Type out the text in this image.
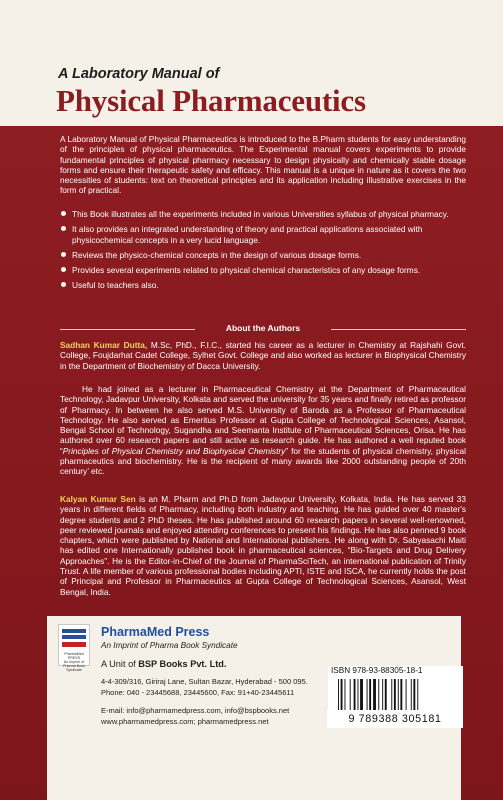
A Laboratory Manual of
Physical Pharmaceutics

A Laboratory Manual of Physical Pharmaceutics is introduced to the B.Pharm students for easy understanding of the principles of physical pharmaceutics. The Experimental manual covers experiments to provide fundamental principles of physical pharmacy necessary to design physically and chemically stable dosage forms and ensure their therapeutic safety and efficacy. This manual is a unique in nature as it covers the two necessities of students: text on theoretical principles and its application including illustrative exercises in the form of practical.

This Book illustrates all the experiments included in various Universities syllabus of physical pharmacy.
It also provides an integrated understanding of theory and practical applications associated with physicochemical concepts in a very lucid language.
Reviews the physico-chemical concepts in the design of various dosage forms.
Provides several experiments related to physical chemical characteristics of any dosage forms.
Useful to teachers also.
About the Authors

Sadhan Kumar Dutta, M.Sc, PhD., F.I.C., started his career as a lecturer in Chemistry at Rajshahi Govt. College, Foujdarhat Cadet College, Sylhet Govt. College and also worked as lecturer in Biophysical Chemistry in the Department of Biochemistry of Dacca University.

He had joined as a lecturer in Pharmaceutical Chemistry at the Department of Pharmaceutical Technology, Jadavpur University, Kolkata and served the university for 35 years and finally retired as professor of Pharmacy. In between he also served M.S. University of Baroda as a Professor of Pharmaceutical Technology. He also served as Emeritus Professor at Gupta College of Technological Sciences, Asansol, Bengal School of Technology, Sugandha and Seemanta Institute of Pharmaceutical Sciences, Orisa. He has authored over 60 research papers and still active as research guide. He has authored a well reputed book “Principles of Physical Chemistry and Biophysical Chemistry” for the students of physical chemistry, physical pharmaceutics and biochemistry. He is the recipient of many awards like 2000 outstanding people of 20th century’ etc.

Kalyan Kumar Sen is an M. Pharm and Ph.D from Jadavpur University, Kolkata, India. He has served 33 years in different fields of Pharmacy, including both industry and teaching. He has guided over 40 master's degree students and 2 PhD theses. He has published around 60 research papers in several well-renowned, peer reviewed journals and enjoyed attending conferences to present his findings. He has also penned 9 book chapters, which were published by National and International publishers. He along with Dr. Sabyasachi Maiti has edited one Internationally published book in pharmaceutical sciences, “Bio-Targets and Drug Delivery Approaches”. He is the Editor-in-Chief of the Journal of PharmaSciTech, an international publication of Trinity Trust. A life member of various professional bodies including APTI, ISTE and ISCA, he currently holds the post of Principal and Professor in Pharmaceutics at Gupta College of Technological Sciences, Asansol, West Bengal, India.

PharmaMed PRESS
An Imprint of Pharma Book Syndicate
PharmaMed Press
An Imprint of Pharma Book Syndicate
A Unit of BSP Books Pvt. Ltd.
4-4-309/316, Giriraj Lane, Sultan Bazar, Hyderabad - 500 095.
Phone: 040 - 23445688, 23445600, Fax: 91+40-23445611
E-mail: info@pharmamedpress.com, info@bspbooks.net
www.pharmamedpress.com; pharmamedpress.net
ISBN 978-93-88305-18-1
9 789388 305181
